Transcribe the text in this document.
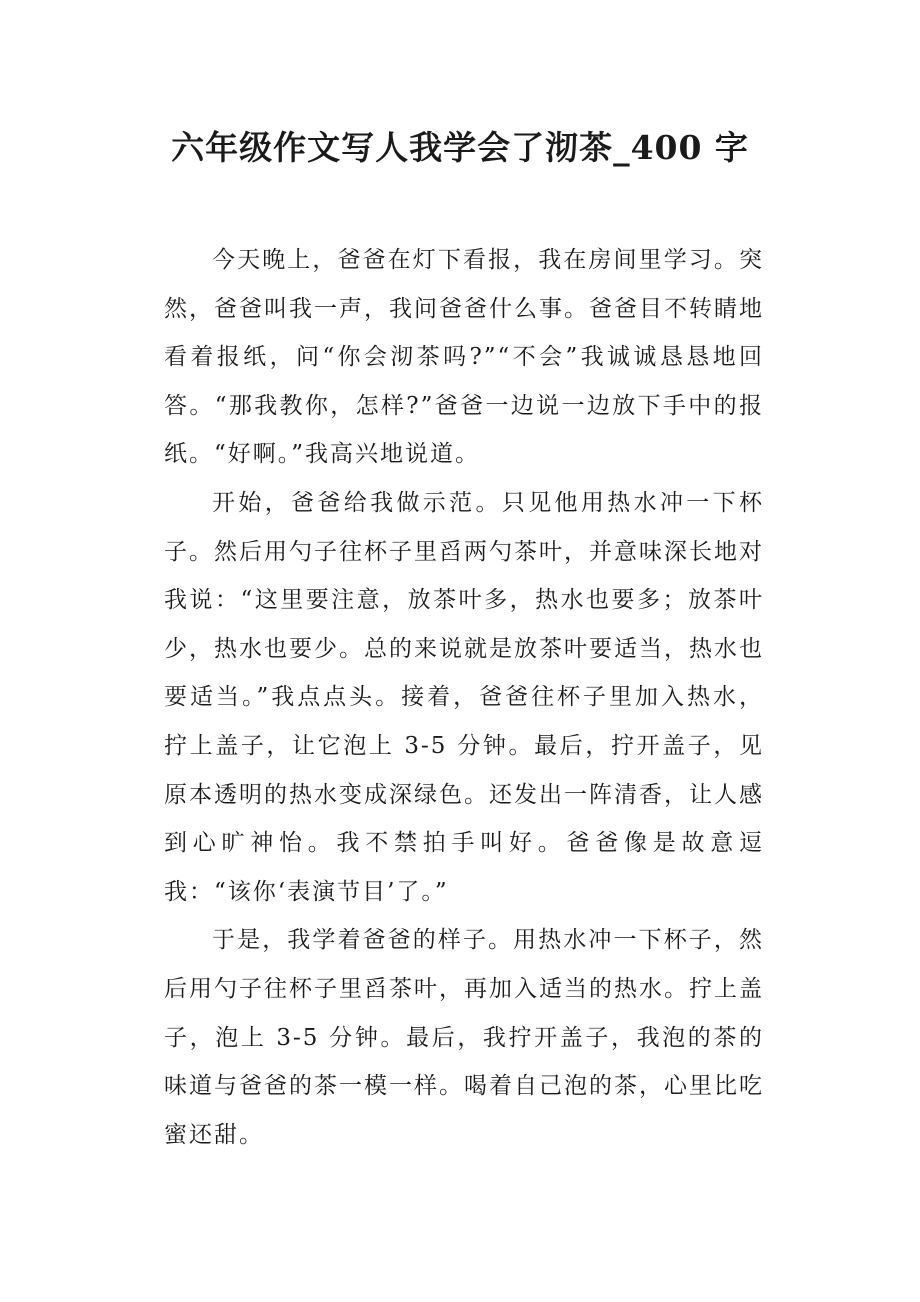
六年级作文写人我学会了沏茶_400 字

今天晚上，爸爸在灯下看报，我在房间里学习。突然，爸爸叫我一声，我问爸爸什么事。爸爸目不转睛地看着报纸，问“你会沏茶吗?”“不会”我诚诚恳恳地回答。“那我教你，怎样?”爸爸一边说一边放下手中的报纸。“好啊。”我高兴地说道。

开始，爸爸给我做示范。只见他用热水冲一下杯子。然后用勺子往杯子里舀两勺茶叶，并意味深长地对我说：“这里要注意，放茶叶多，热水也要多；放茶叶少，热水也要少。总的来说就是放茶叶要适当，热水也要适当。”我点点头。接着，爸爸往杯子里加入热水，拧上盖子，让它泡上 3-5 分钟。最后，拧开盖子，见原本透明的热水变成深绿色。还发出一阵清香，让人感到心旷神怡。我不禁拍手叫好。爸爸像是故意逗我：“该你‘表演节目’了。”

于是，我学着爸爸的样子。用热水冲一下杯子，然后用勺子往杯子里舀茶叶，再加入适当的热水。拧上盖子，泡上 3-5 分钟。最后，我拧开盖子，我泡的茶的味道与爸爸的茶一模一样。喝着自己泡的茶，心里比吃蜜还甜。
